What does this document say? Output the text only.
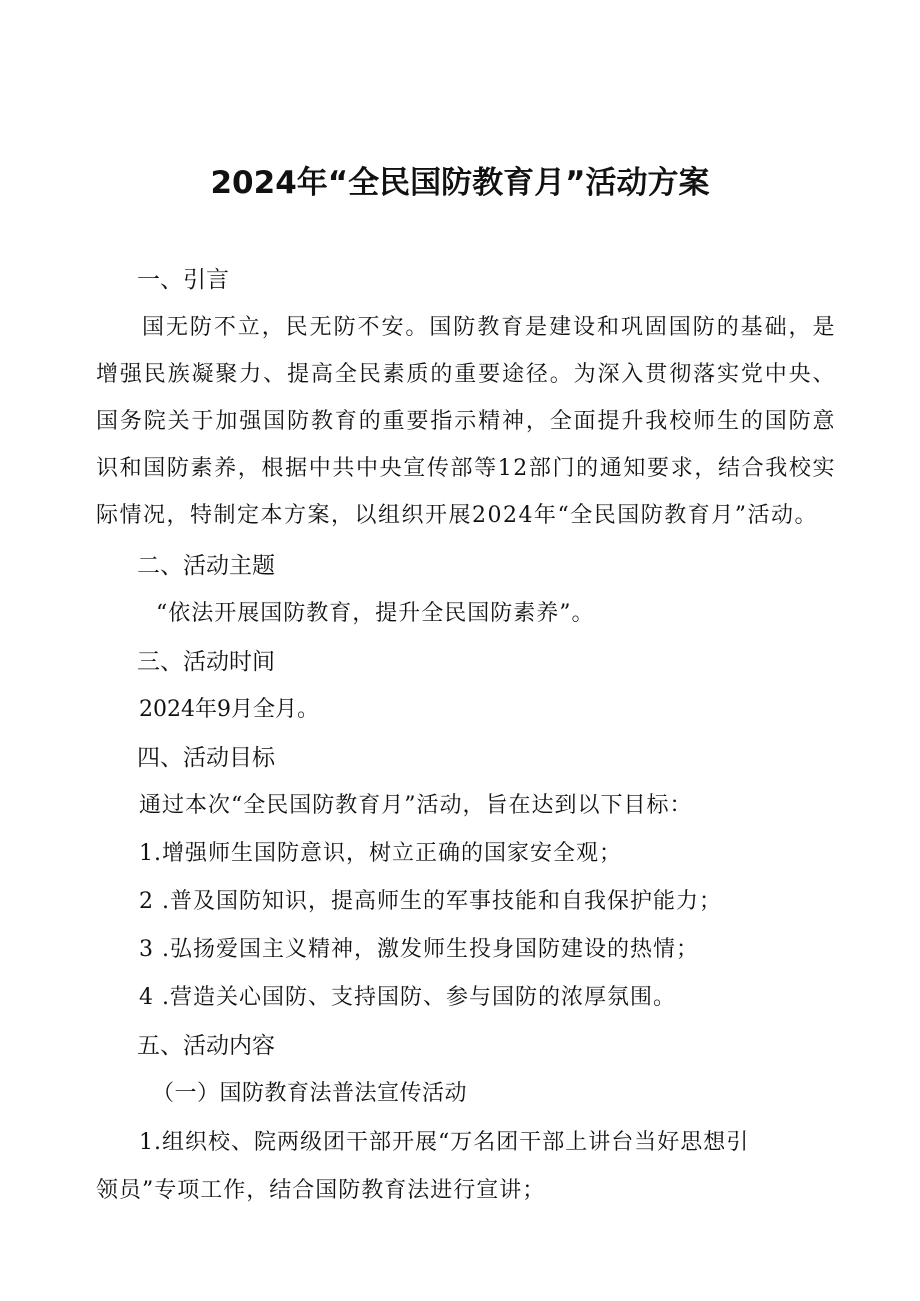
2024年“全民国防教育月”活动方案
一、引言
国无防不立，民无防不安。国防教育是建设和巩固国防的基础，是增强民族凝聚力、提高全民素质的重要途径。为深入贯彻落实党中央、国务院关于加强国防教育的重要指示精神，全面提升我校师生的国防意识和国防素养，根据中共中央宣传部等12部门的通知要求，结合我校实际情况，特制定本方案，以组织开展2024年“全民国防教育月”活动。
二、活动主题
“依法开展国防教育，提升全民国防素养”。
三、活动时间
2024年9月全月。
四、活动目标
通过本次“全民国防教育月”活动，旨在达到以下目标：
1.增强师生国防意识，树立正确的国家安全观；
2 .普及国防知识，提高师生的军事技能和自我保护能力；
3 .弘扬爱国主义精神，激发师生投身国防建设的热情；
4 .营造关心国防、支持国防、参与国防的浓厚氛围。
五、活动内容
（一）国防教育法普法宣传活动
1.组织校、院两级团干部开展“万名团干部上讲台当好思想引
领员”专项工作，结合国防教育法进行宣讲；
